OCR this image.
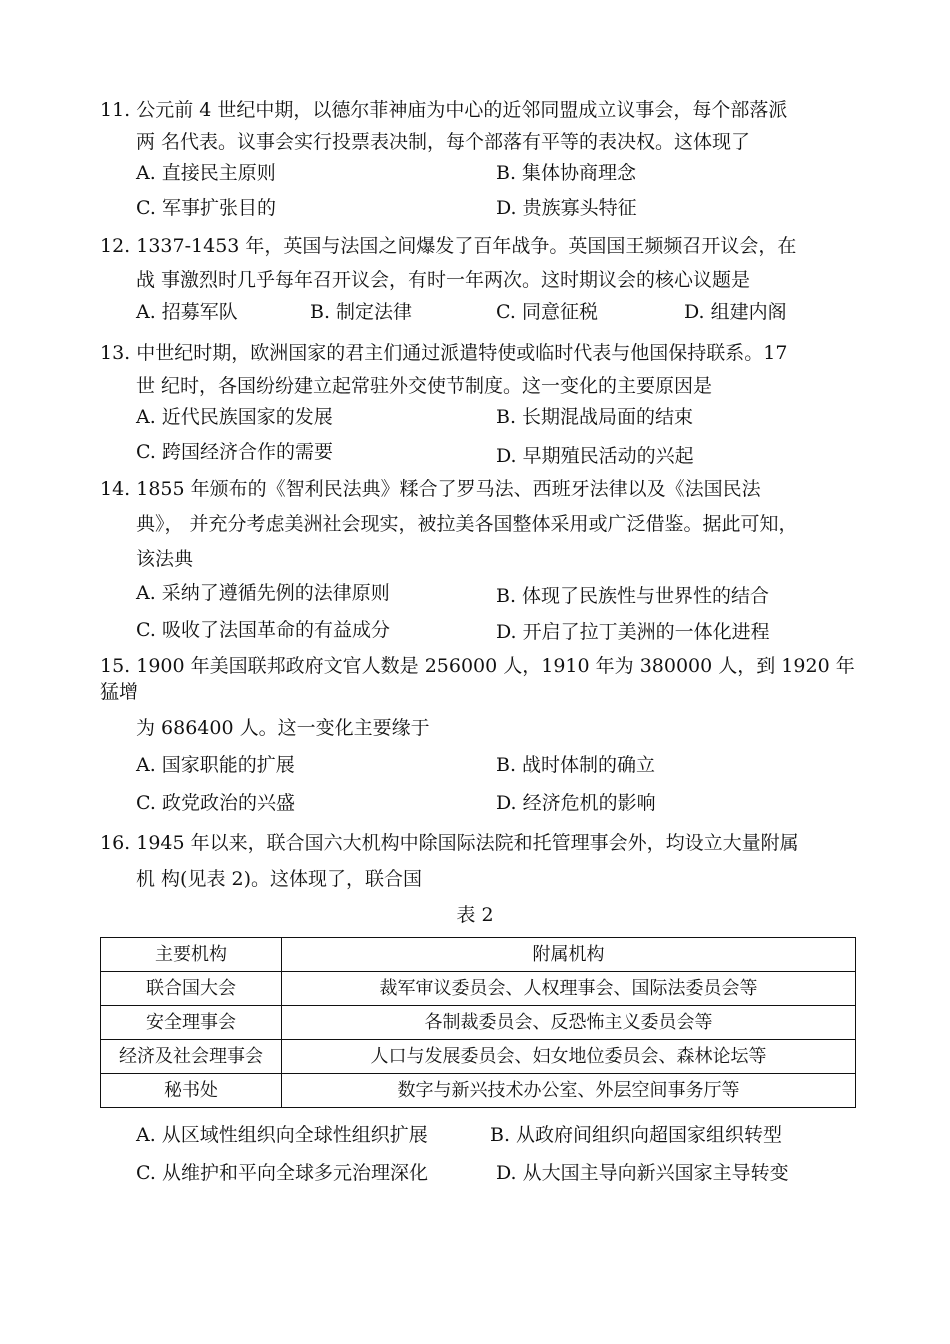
11. 公元前 4 世纪中期，以德尔菲神庙为中心的近邻同盟成立议事会，每个部落派
两 名代表。议事会实行投票表决制，每个部落有平等的表决权。这体现了
A. 直接民主原则	B. 集体协商理念
C. 军事扩张目的	D. 贵族寡头特征
12. 1337-1453 年，英国与法国之间爆发了百年战争。英国国王频频召开议会，在
战 事激烈时几乎每年召开议会，有时一年两次。这时期议会的核心议题是
A. 招募军队	B. 制定法律	C. 同意征税	D. 组建内阁
13. 中世纪时期，欧洲国家的君主们通过派遣特使或临时代表与他国保持联系。17
世 纪时，各国纷纷建立起常驻外交使节制度。这一变化的主要原因是
A. 近代民族国家的发展	B. 长期混战局面的结束
C. 跨国经济合作的需要	D. 早期殖民活动的兴起
14. 1855 年颁布的《智利民法典》糅合了罗马法、西班牙法律以及《法国民法
典》， 并充分考虑美洲社会现实，被拉美各国整体采用或广泛借鉴。据此可知，
该法典
A. 采纳了遵循先例的法律原则	B. 体现了民族性与世界性的结合
C. 吸收了法国革命的有益成分	D. 开启了拉丁美洲的一体化进程
15. 1900 年美国联邦政府文官人数是 256000 人，1910 年为 380000 人，到 1920 年
猛增
为 686400 人。这一变化主要缘于
A. 国家职能的扩展	B. 战时体制的确立
C. 政党政治的兴盛	D. 经济危机的影响
16. 1945 年以来，联合国六大机构中除国际法院和托管理事会外，均设立大量附属
机 构(见表 2)。这体现了，联合国
表 2
主要机构	附属机构
联合国大会	裁军审议委员会、人权理事会、国际法委员会等
安全理事会	各制裁委员会、反恐怖主义委员会等
经济及社会理事会	人口与发展委员会、妇女地位委员会、森林论坛等
秘书处	数字与新兴技术办公室、外层空间事务厅等
A. 从区域性组织向全球性组织扩展	B. 从政府间组织向超国家组织转型
C. 从维护和平向全球多元治理深化	D. 从大国主导向新兴国家主导转变
